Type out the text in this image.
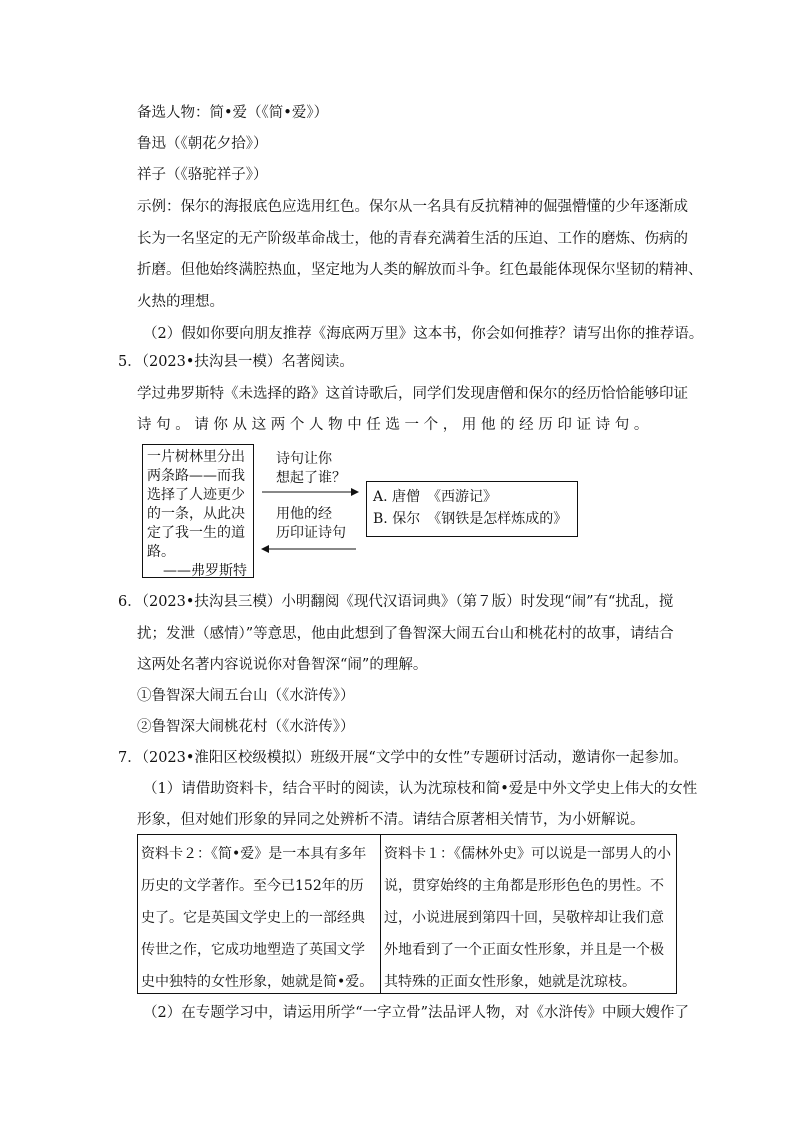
备选人物：简•爱（《简•爱》）
鲁迅（《朝花夕拾》）
祥子（《骆驼祥子》）
示例：保尔的海报底色应选用红色。保尔从一名具有反抗精神的倔强懵懂的少年逐渐成
长为一名坚定的无产阶级革命战士，他的青春充满着生活的压迫、工作的磨炼、伤病的
折磨。但他始终满腔热血，坚定地为人类的解放而斗争。红色最能体现保尔坚韧的精神、
火热的理想。
（2）假如你要向朋友推荐《海底两万里》这本书，你会如何推荐？请写出你的推荐语。
5．（2023•扶沟县一模）名著阅读。
学过弗罗斯特《未选择的路》这首诗歌后，同学们发现唐僧和保尔的经历恰恰能够印证
诗 句 。 请 你 从 这 两 个 人 物 中 任 选 一 个 ， 用 他 的 经 历 印 证 诗 句 。
一片树林里分出
两条路——而我
选择了人迹更少
的一条，从此决
定了我一生的道
路。
——弗罗斯特
诗句让你
想起了谁？
用他的经
历印证诗句
A. 唐僧　《西游记》
B. 保尔　《钢铁是怎样炼成的》
6．（2023•扶沟县三模）小明翻阅《现代汉语词典》（第７版）时发现“闹”有“扰乱，搅
扰；发泄（感情）”等意思，他由此想到了鲁智深大闹五台山和桃花村的故事，请结合
这两处名著内容说说你对鲁智深“闹”的理解。
①鲁智深大闹五台山（《水浒传》）
②鲁智深大闹桃花村（《水浒传》）
7．（2023•淮阳区校级模拟）班级开展“文学中的女性”专题研讨活动，邀请你一起参加。
（1）请借助资料卡，结合平时的阅读，认为沈琼枝和简•爱是中外文学史上伟大的女性
形象，但对她们形象的异同之处辨析不清。请结合原著相关情节，为小妍解说。
资料卡２：《简•爱》是一本具有多年历史的文学著作。至今已152年的历史了。它是英国文学史上的一部经典传世之作，它成功地塑造了英国文学史中独特的女性形象，她就是简•爱。
资料卡１：《儒林外史》可以说是一部男人的小说，贯穿始终的主角都是形形色色的男性。不过，小说进展到第四十回，吴敬梓却让我们意外地看到了一个正面女性形象，并且是一个极其特殊的正面女性形象，她就是沈琼枝。
（2）在专题学习中，请运用所学“一字立骨”法品评人物，对《水浒传》中顾大嫂作了
